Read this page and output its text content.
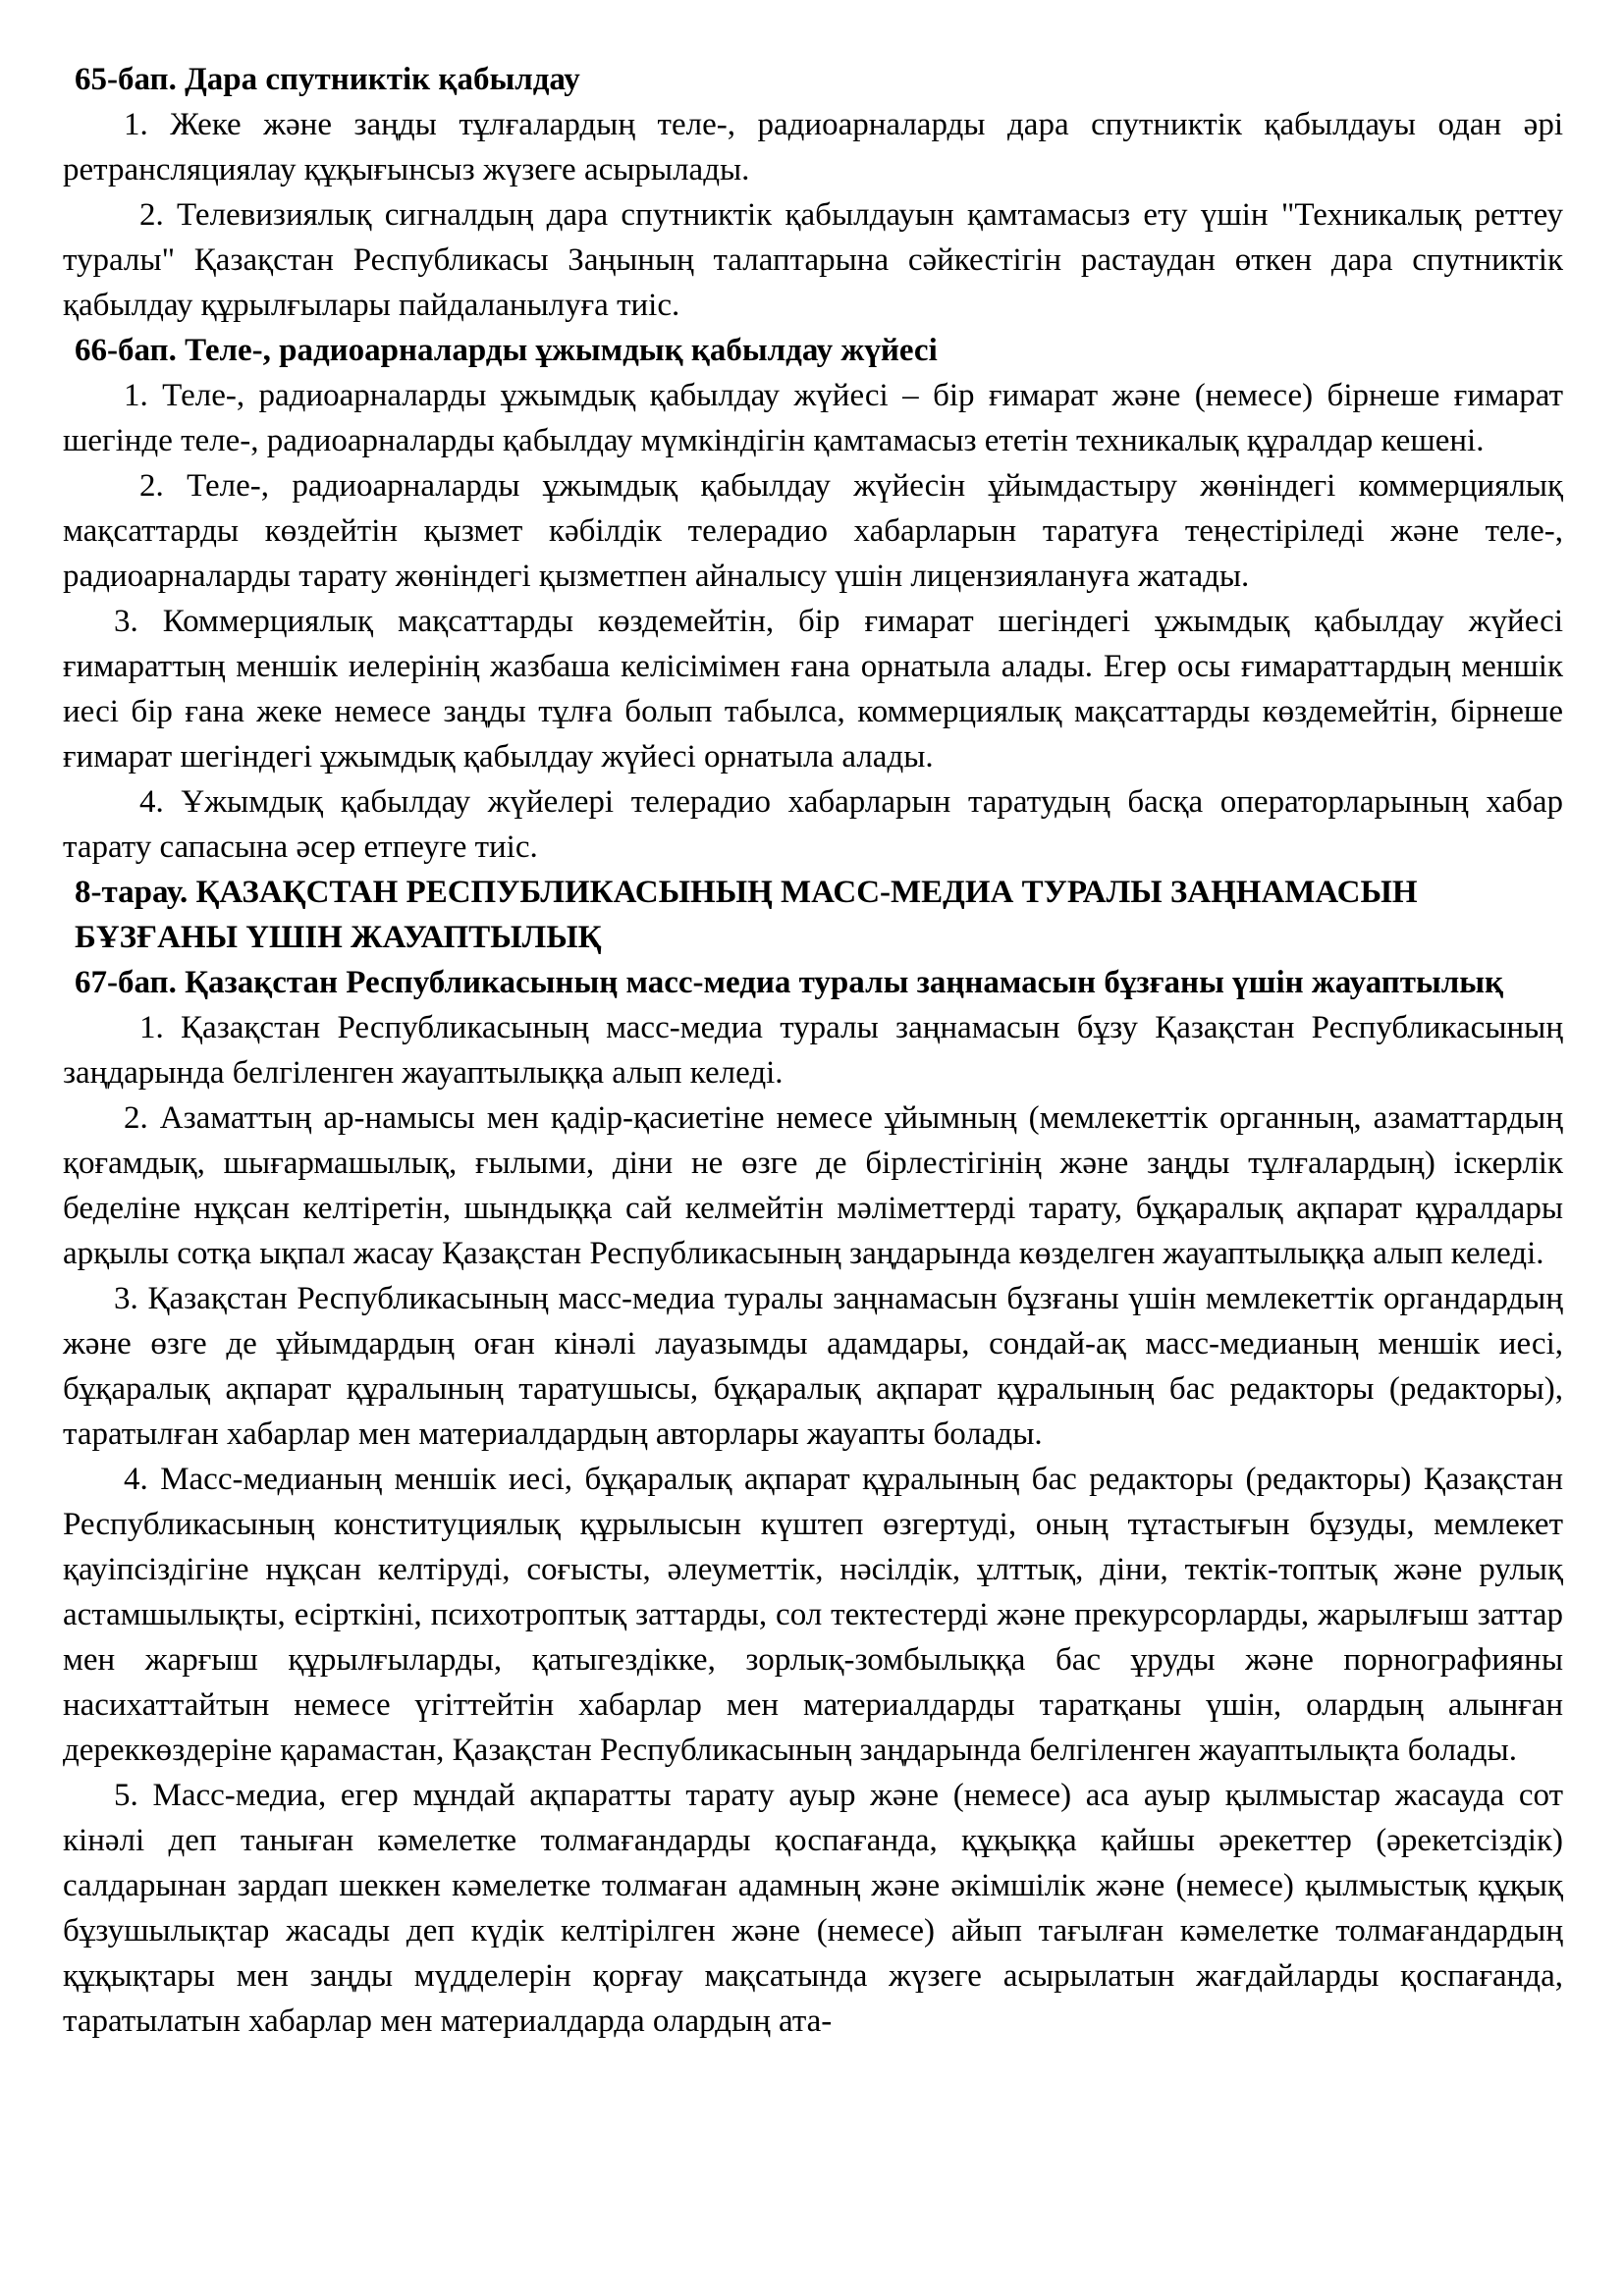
65-бап. Дара спутниктік қабылдау

1. Жеке және заңды тұлғалардың теле-, радиоарналарды дара спутниктік қабылдауы одан әрі ретрансляциялау құқығынсыз жүзеге асырылады.

2. Телевизиялық сигналдың дара спутниктік қабылдауын қамтамасыз ету үшін "Техникалық реттеу туралы" Қазақстан Республикасы Заңының талаптарына сәйкестігін растаудан өткен дара спутниктік қабылдау құрылғылары пайдаланылуға тиіс.

66-бап. Теле-, радиоарналарды ұжымдық қабылдау жүйесі

1. Теле-, радиоарналарды ұжымдық қабылдау жүйесі – бір ғимарат және (немесе) бірнеше ғимарат шегінде теле-, радиоарналарды қабылдау мүмкіндігін қамтамасыз ететін техникалық құралдар кешені.

2. Теле-, радиоарналарды ұжымдық қабылдау жүйесін ұйымдастыру жөніндегі коммерциялық мақсаттарды көздейтін қызмет кәбілдік телерадио хабарларын таратуға теңестіріледі және теле-, радиоарналарды тарату жөніндегі қызметпен айналысу үшін лицензиялануға жатады.

3. Коммерциялық мақсаттарды көздемейтін, бір ғимарат шегіндегі ұжымдық қабылдау жүйесі ғимараттың меншік иелерінің жазбаша келісімімен ғана орнатыла алады. Егер осы ғимараттардың меншік иесі бір ғана жеке немесе заңды тұлға болып табылса, коммерциялық мақсаттарды көздемейтін, бірнеше ғимарат шегіндегі ұжымдық қабылдау жүйесі орнатыла алады.

4. Ұжымдық қабылдау жүйелері телерадио хабарларын таратудың басқа операторларының хабар тарату сапасына әсер етпеуге тиіс.

8-тарау. ҚАЗАҚСТАН РЕСПУБЛИКАСЫНЫҢ МАСС-МЕДИА ТУРАЛЫ ЗАҢНАМАСЫН БҰЗҒАНЫ ҮШІН ЖАУАПТЫЛЫҚ

67-бап. Қазақстан Республикасының масс-медиа туралы заңнамасын бұзғаны үшін жауаптылық

1. Қазақстан Республикасының масс-медиа туралы заңнамасын бұзу Қазақстан Республикасының заңдарында белгіленген жауаптылыққа алып келеді.

2. Азаматтың ар-намысы мен қадір-қасиетіне немесе ұйымның (мемлекеттік органның, азаматтардың қоғамдық, шығармашылық, ғылыми, діни не өзге де бірлестігінің және заңды тұлғалардың) іскерлік беделіне нұқсан келтіретін, шындыққа сай келмейтін мәліметтерді тарату, бұқаралық ақпарат құралдары арқылы сотқа ықпал жасау Қазақстан Республикасының заңдарында көзделген жауаптылыққа алып келеді.

3. Қазақстан Республикасының масс-медиа туралы заңнамасын бұзғаны үшін мемлекеттік органдардың және өзге де ұйымдардың оған кінәлі лауазымды адамдары, сондай-ақ масс-медианың меншік иесі, бұқаралық ақпарат құралының таратушысы, бұқаралық ақпарат құралының бас редакторы (редакторы), таратылған хабарлар мен материалдардың авторлары жауапты болады.

4. Масс-медианың меншік иесі, бұқаралық ақпарат құралының бас редакторы (редакторы) Қазақстан Республикасының конституциялық құрылысын күштеп өзгертуді, оның тұтастығын бұзуды, мемлекет қауіпсіздігіне нұқсан келтіруді, соғысты, әлеуметтік, нәсілдік, ұлттық, діни, тектік-топтық және рулық астамшылықты, есірткіні, психотроптық заттарды, сол тектестерді және прекурсорларды, жарылғыш заттар мен жарғыш құрылғыларды, қатыгездікке, зорлық-зомбылыққа бас ұруды және порнографияны насихаттайтын немесе үгіттейтін хабарлар мен материалдарды таратқаны үшін, олардың алынған дереккөздеріне қарамастан, Қазақстан Республикасының заңдарында белгіленген жауаптылықта болады.

5. Масс-медиа, егер мұндай ақпаратты тарату ауыр және (немесе) аса ауыр қылмыстар жасауда сот кінәлі деп таныған кәмелетке толмағандарды қоспағанда, құқыққа қайшы әрекеттер (әрекетсіздік) салдарынан зардап шеккен кәмелетке толмаған адамның және әкімшілік және (немесе) қылмыстық құқық бұзушылықтар жасады деп күдік келтірілген және (немесе) айып тағылған кәмелетке толмағандардың құқықтары мен заңды мүдделерін қорғау мақсатында жүзеге асырылатын жағдайларды қоспағанда, таратылатын хабарлар мен материалдарда олардың ата-
